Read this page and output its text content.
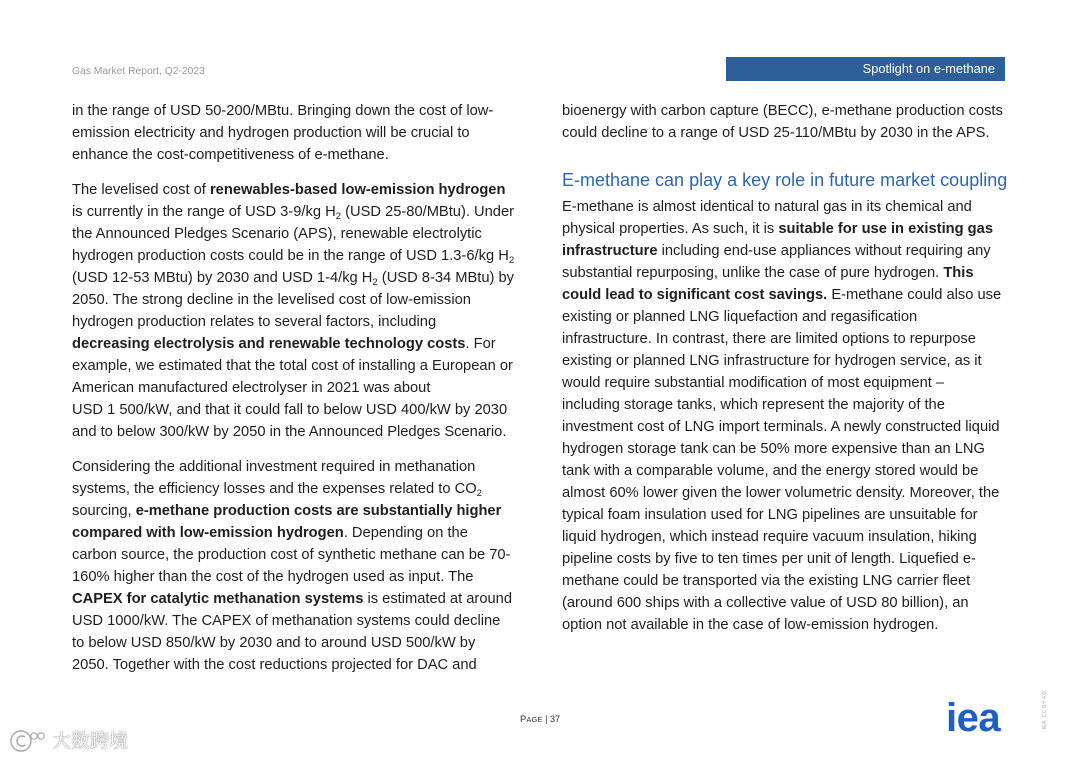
Gas Market Report, Q2-2023	Spotlight on e-methane
in the range of USD 50-200/MBtu. Bringing down the cost of low-
emission electricity and hydrogen production will be crucial to
enhance the cost-competitiveness of e-methane.
The levelised cost of renewables-based low-emission hydrogen
is currently in the range of USD 3-9/kg $H_2$ (USD 25-80/MBtu). Under
the Announced Pledges Scenario (APS), renewable electrolytic
hydrogen production costs could be in the range of USD 1.3-6/kg $H_2$
(USD 12-53 MBtu) by 2030 and USD 1-4/kg $H_2$ (USD 8-34 MBtu) by
2050. The strong decline in the levelised cost of low-emission
hydrogen production relates to several factors, including
decreasing electrolysis and renewable technology costs. For
example, we estimated that the total cost of installing a European or
American manufactured electrolyser in 2021 was about
USD 1 500/kW, and that it could fall to below USD 400/kW by 2030
and to below 300/kW by 2050 in the Announced Pledges Scenario.
Considering the additional investment required in methanation
systems, the efficiency losses and the expenses related to $CO_2$
sourcing, e-methane production costs are substantially higher
compared with low-emission hydrogen. Depending on the
carbon source, the production cost of synthetic methane can be 70-
160% higher than the cost of the hydrogen used as input. The
CAPEX for catalytic methanation systems is estimated at around
USD 1000/kW. The CAPEX of methanation systems could decline
to below USD 850/kW by 2030 and to around USD 500/kW by
2050. Together with the cost reductions projected for DAC and
bioenergy with carbon capture (BECC), e-methane production costs
could decline to a range of USD 25-110/MBtu by 2030 in the APS.
E-methane can play a key role in future market coupling
E-methane is almost identical to natural gas in its chemical and
physical properties. As such, it is suitable for use in existing gas
infrastructure including end-use appliances without requiring any
substantial repurposing, unlike the case of pure hydrogen. This
could lead to significant cost savings. E-methane could also use
existing or planned LNG liquefaction and regasification
infrastructure. In contrast, there are limited options to repurpose
existing or planned LNG infrastructure for hydrogen service, as it
would require substantial modification of most equipment –
including storage tanks, which represent the majority of the
investment cost of LNG import terminals. A newly constructed liquid
hydrogen storage tank can be 50% more expensive than an LNG
tank with a comparable volume, and the energy stored would be
almost 60% lower given the lower volumetric density. Moreover, the
typical foam insulation used for LNG pipelines are unsuitable for
liquid hydrogen, which instead require vacuum insulation, hiking
pipeline costs by five to ten times per unit of length. Liquefied e-
methane could be transported via the existing LNG carrier fleet
(around 600 ships with a collective value of USD 80 billion), an
option not available in the case of low-emission hydrogen.
PAGE | 37	iea	IEA. CC BY 4.0.
大数跨境
